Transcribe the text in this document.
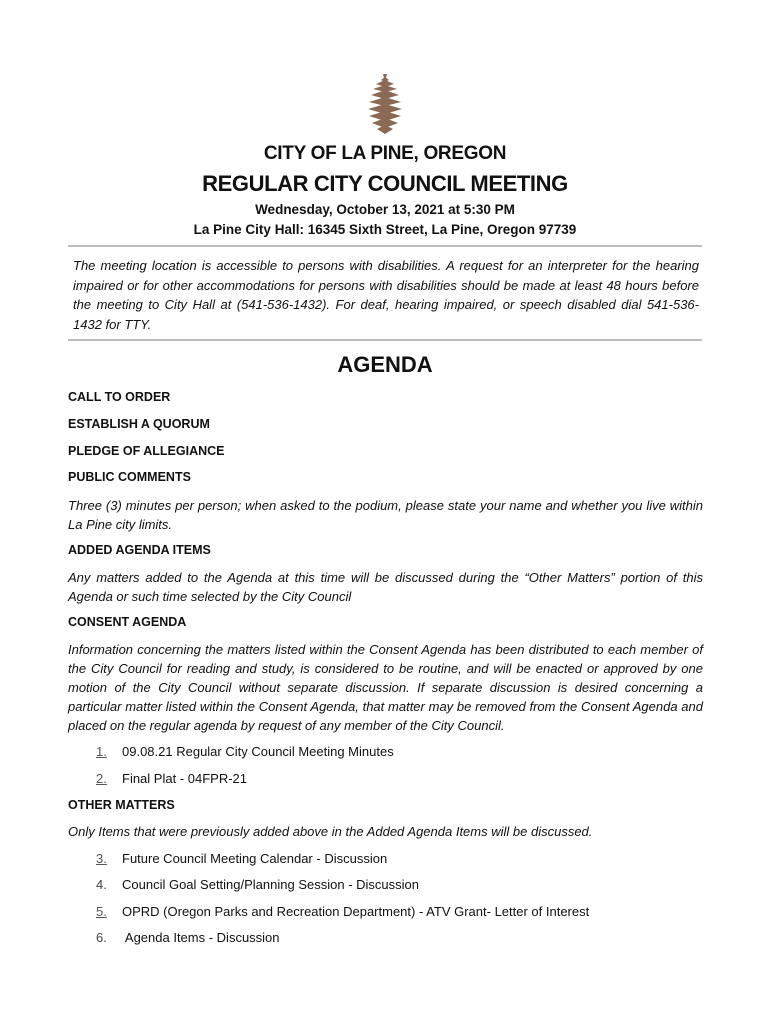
CITY OF LA PINE, OREGON
REGULAR CITY COUNCIL MEETING
Wednesday, October 13, 2021 at 5:30 PM
La Pine City Hall: 16345 Sixth Street, La Pine, Oregon 97739
The meeting location is accessible to persons with disabilities. A request for an interpreter for the hearing impaired or for other accommodations for persons with disabilities should be made at least 48 hours before the meeting to City Hall at (541-536-1432). For deaf, hearing impaired, or speech disabled dial 541-536-1432 for TTY.
AGENDA
CALL TO ORDER
ESTABLISH A QUORUM
PLEDGE OF ALLEGIANCE
PUBLIC COMMENTS
Three (3) minutes per person; when asked to the podium, please state your name and whether you live within La Pine city limits.
ADDED AGENDA ITEMS
Any matters added to the Agenda at this time will be discussed during the “Other Matters” portion of this Agenda or such time selected by the City Council
CONSENT AGENDA
Information concerning the matters listed within the Consent Agenda has been distributed to each member of the City Council for reading and study, is considered to be routine, and will be enacted or approved by one motion of the City Council without separate discussion. If separate discussion is desired concerning a particular matter listed within the Consent Agenda, that matter may be removed from the Consent Agenda and placed on the regular agenda by request of any member of the City Council.
1. 09.08.21 Regular City Council Meeting Minutes
2. Final Plat - 04FPR-21
OTHER MATTERS
Only Items that were previously added above in the Added Agenda Items will be discussed.
3. Future Council Meeting Calendar - Discussion
4. Council Goal Setting/Planning Session - Discussion
5. OPRD (Oregon Parks and Recreation Department) - ATV Grant- Letter of Interest
6. Agenda Items - Discussion
